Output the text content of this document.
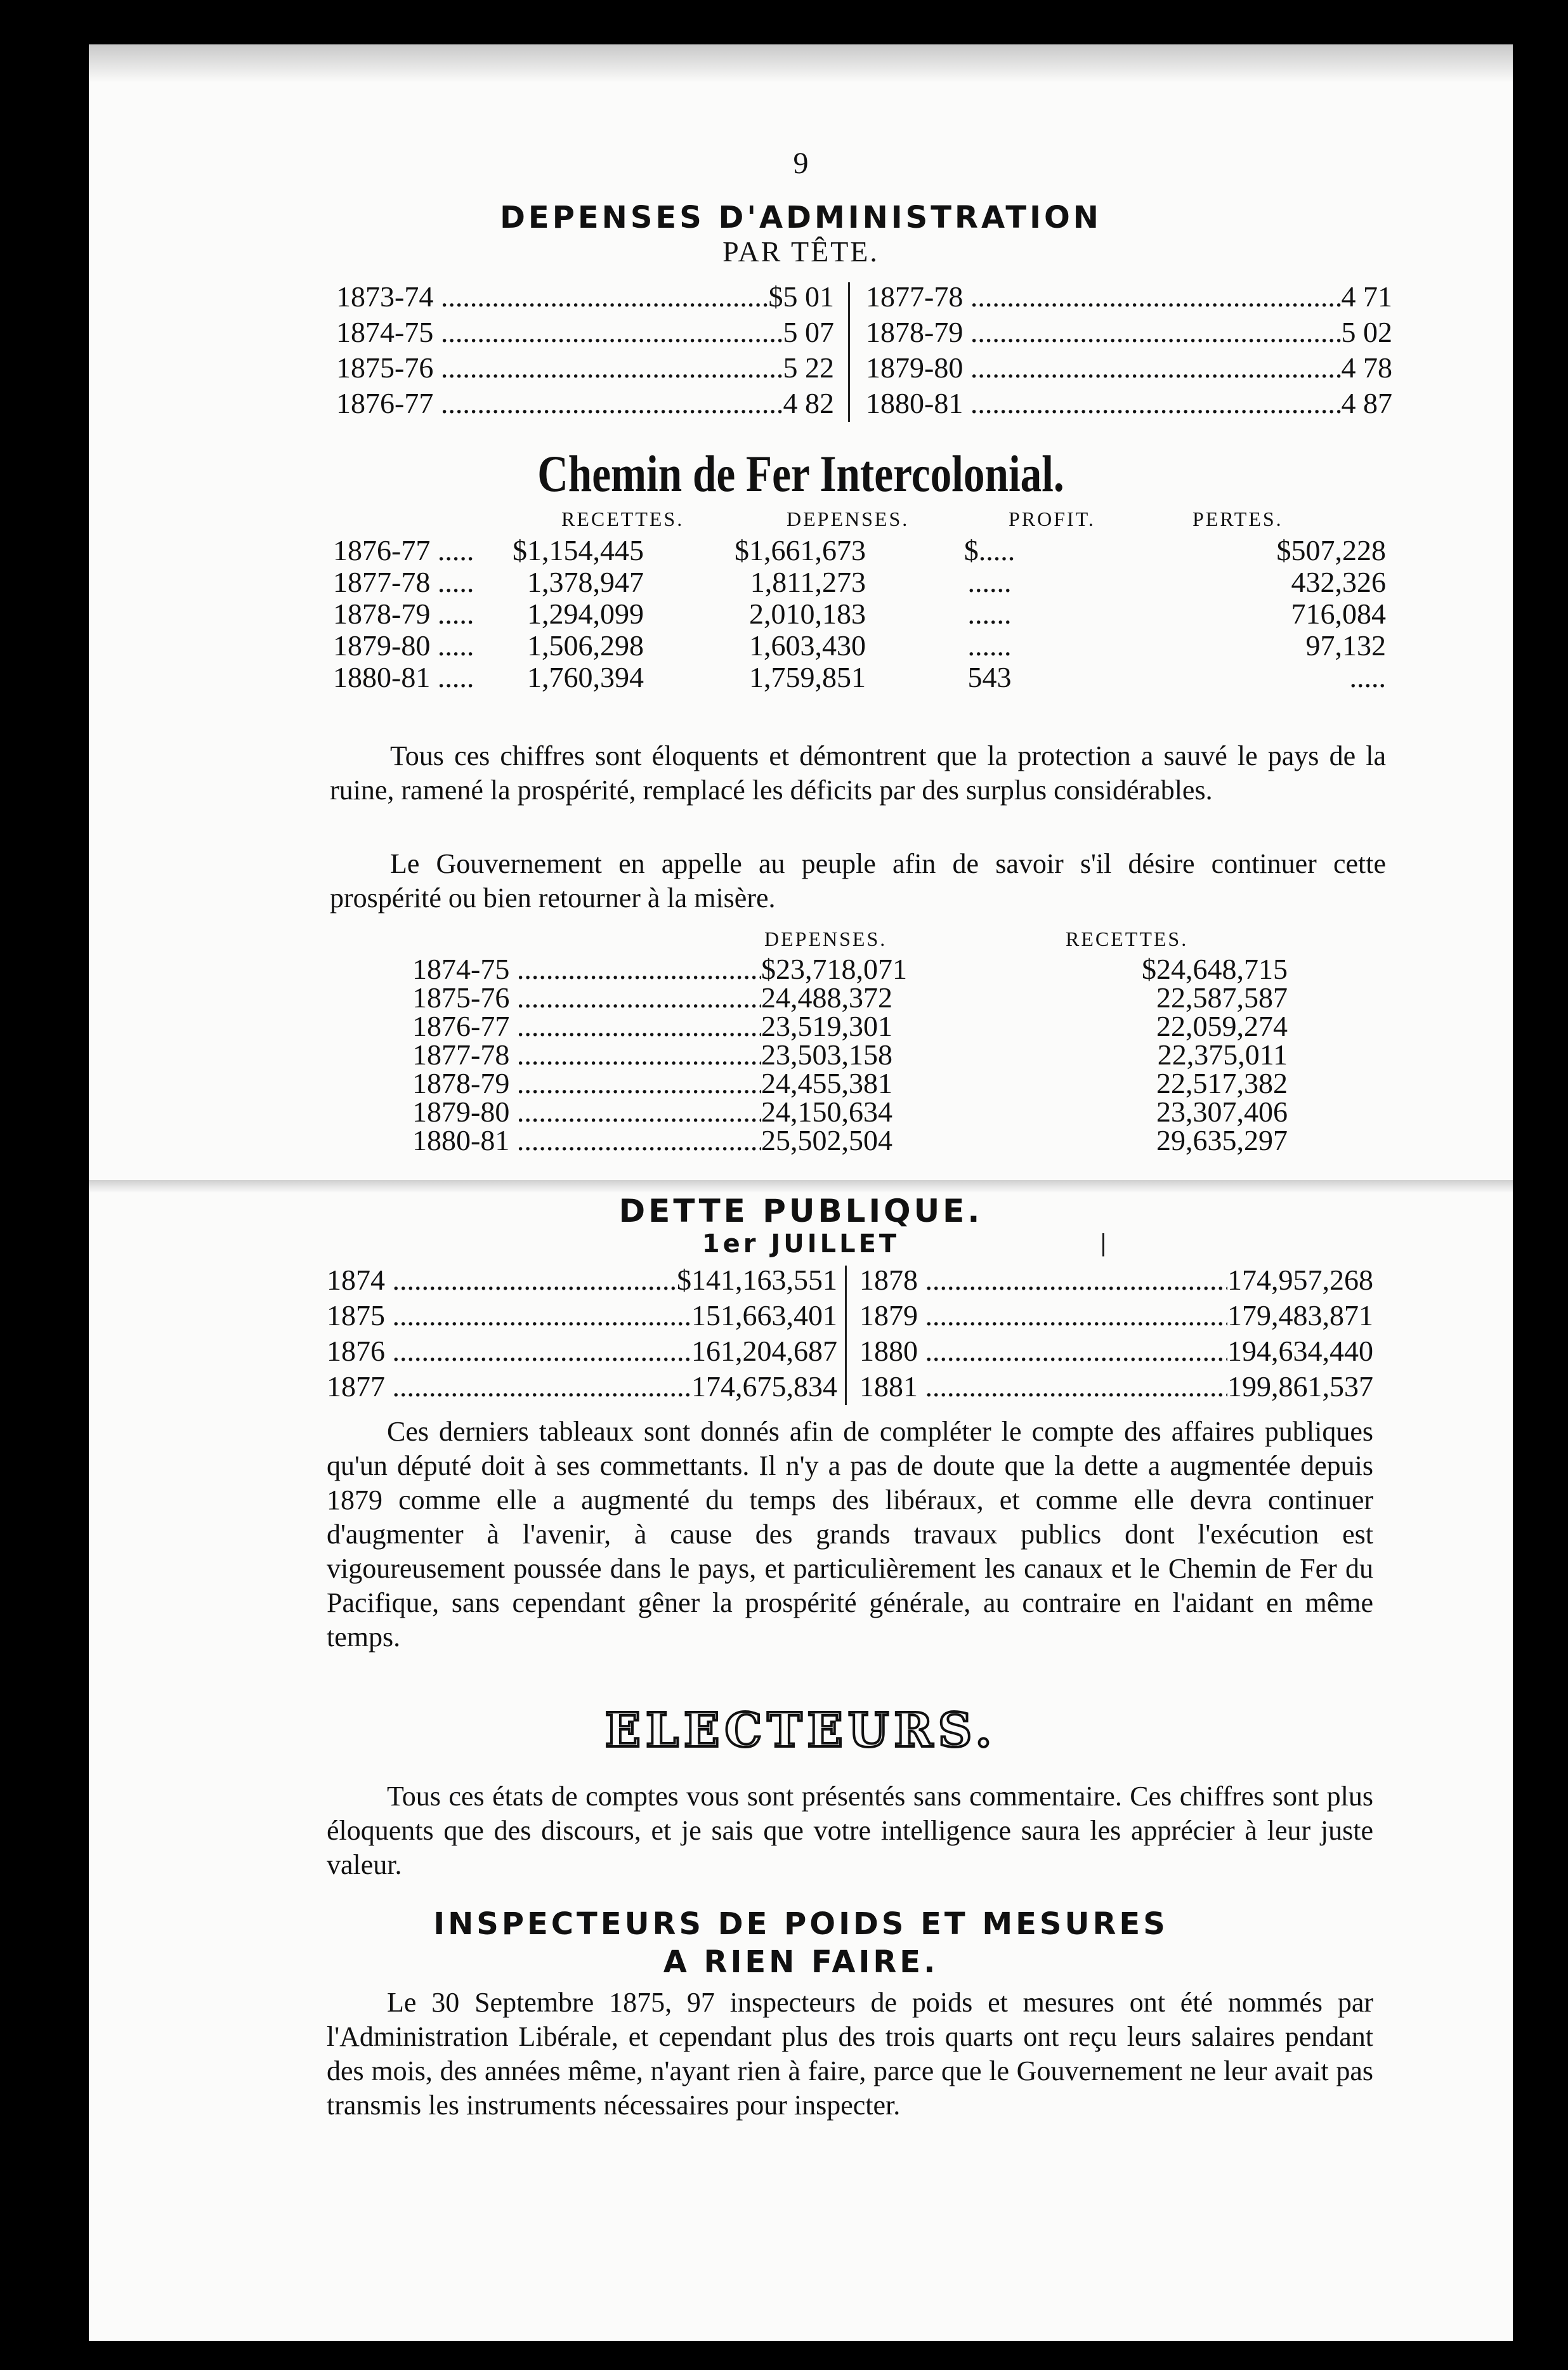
9
DEPENSES D'ADMINISTRATION
PAR TÊTE.
1873-74 .....	$5 01
1874-75 .....	5 07
1875-76 .....	5 22
1876-77 .....	4 82
1877-78 .....	4 71
1878-79 .....	5 02
1879-80 .....	4 78
1880-81 .....	4 87
Chemin de Fer Intercolonial.
RECETTES.	DEPENSES.	PROFIT.	PERTES.
1876-77 .....	$1,154,445	$1,661,673	$.....	$507,228
1877-78 .....	1,378,947	1,811,273	......	432,326
1878-79 .....	1,294,099	2,010,183	......	716,084
1879-80 .....	1,506,298	1,603,430	......	97,132
1880-81 .....	1,760,394	1,759,851	543	.....
Tous ces chiffres sont éloquents et démontrent que la protection a sauvé le pays de la ruine, ramené la prospérité, remplacé les déficits par des surplus considérables.
Le Gouvernement en appelle au peuple afin de savoir s'il désire continuer cette prospérité ou bien retourner à la misère.
DEPENSES.	RECETTES.
1874-75 .....	$23,718,071	$24,648,715
1875-76 .....	24,488,372	22,587,587
1876-77 .....	23,519,301	22,059,274
1877-78 .....	23,503,158	22,375,011
1878-79 .....	24,455,381	22,517,382
1879-80 .....	24,150,634	23,307,406
1880-81 .....	25,502,504	29,635,297
DETTE PUBLIQUE.
1er JUILLET	|
1874 .....	$141,163,551
1875 .....	151,663,401
1876 .....	161,204,687
1877 .....	174,675,834
1878 .....	174,957,268
1879 .....	179,483,871
1880 .....	194,634,440
1881 .....	199,861,537
Ces derniers tableaux sont donnés afin de compléter le compte des affaires publiques qu'un député doit à ses commettants. Il n'y a pas de doute que la dette a augmentée depuis 1879 comme elle a augmenté du temps des libéraux, et comme elle devra continuer d'augmenter à l'avenir, à cause des grands travaux publics dont l'exécution est vigoureusement poussée dans le pays, et particulièrement les canaux et le Chemin de Fer du Pacifique, sans cependant gêner la prospérité générale, au contraire en l'aidant en même temps.
ELECTEURS.
Tous ces états de comptes vous sont présentés sans commentaire. Ces chiffres sont plus éloquents que des discours, et je sais que votre intelligence saura les apprécier à leur juste valeur.
INSPECTEURS DE POIDS ET MESURES
A RIEN FAIRE.
Le 30 Septembre 1875, 97 inspecteurs de poids et mesures ont été nommés par l'Administration Libérale, et cependant plus des trois quarts ont reçu leurs salaires pendant des mois, des années même, n'ayant rien à faire, parce que le Gouvernement ne leur avait pas transmis les instruments nécessaires pour inspecter.
